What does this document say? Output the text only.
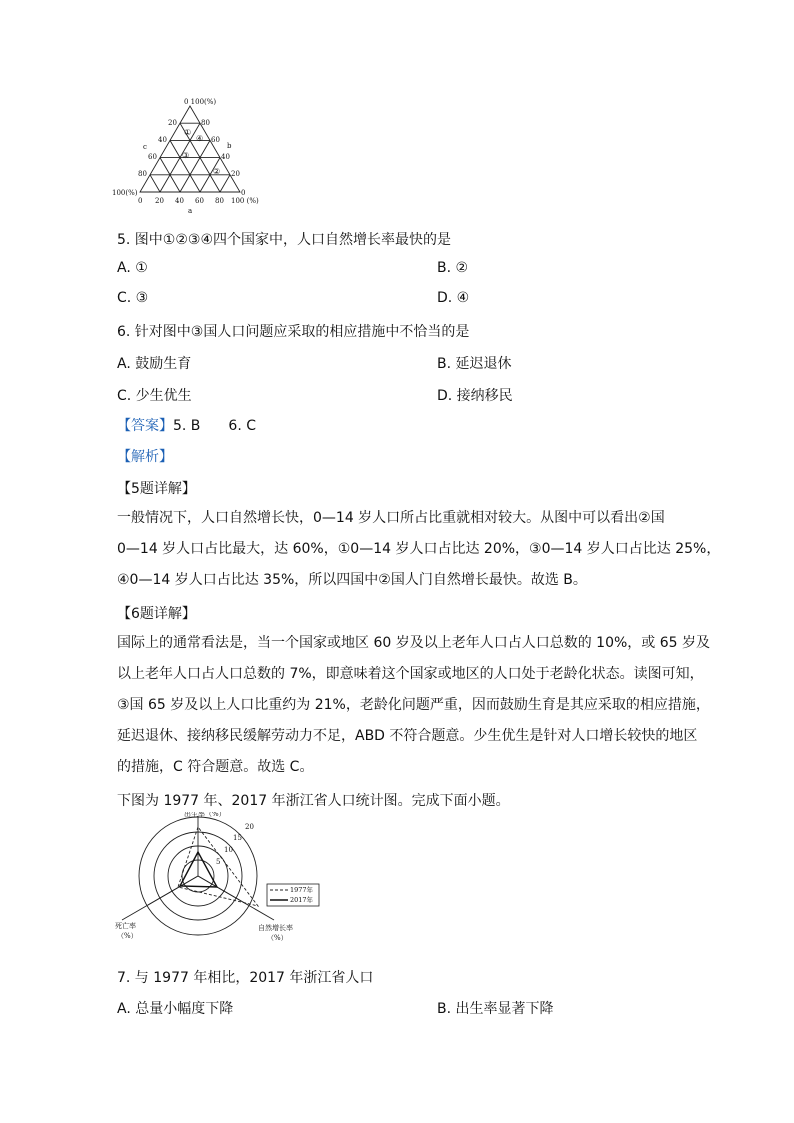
0 100(%)
20
40
60
80
100(%)
c
80
60
40
20
0
b
0 20 40 60 80 100 (%)
a
①
④
③
②
5. 图中①②③④四个国家中，人口自然增长率最快的是
A. ①	B. ②
C. ③	D. ④
6. 针对图中③国人口问题应采取的相应措施中不恰当的是
A. 鼓励生育	B. 延迟退休
C. 少生优生	D. 接纳移民
【答案】5. B　　6. C
【解析】
【5题详解】

一般情况下，人口自然增长快，0—14 岁人口所占比重就相对较大。从图中可以看出②国

0—14 岁人口占比最大，达 60%，①0—14 岁人口占比达 20%，③0—14 岁人口占比达 25%，

④0—14 岁人口占比达 35%，所以四国中②国人门自然增长最快。故选 B。

【6题详解】

国际上的通常看法是，当一个国家或地区 60 岁及以上老年人口占人口总数的 10%，或 65 岁及

以上老年人口占人口总数的 7%，即意味着这个国家或地区的人口处于老龄化状态。读图可知，

③国 65 岁及以上人口比重约为 21%，老龄化问题严重，因而鼓励生育是其应采取的相应措施，

延迟退休、接纳移民缓解劳动力不足，ABD 不符合题意。少生优生是针对人口增长较快的地区

的措施，C 符合题意。故选 C。

下图为 1977 年、2017 年浙江省人口统计图。完成下面小题。
5
10
15
20
出生率（%）
死亡率
（%）
自然增长率
（%）
1977年
2017年
7. 与 1977 年相比，2017 年浙江省人口
A. 总量小幅度下降	B. 出生率显著下降
